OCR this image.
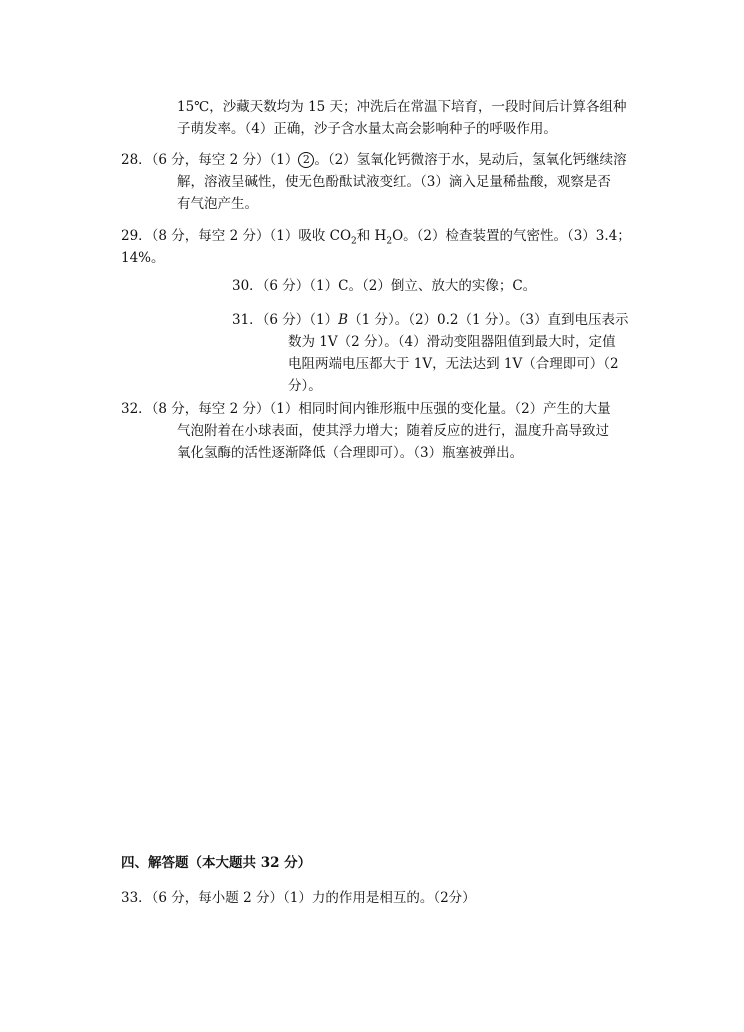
15℃，沙藏天数均为 15 天；冲洗后在常温下培育，一段时间后计算各组种
子萌发率。（4）正确，沙子含水量太高会影响种子的呼吸作用。
28．（6 分，每空 2 分）（1） 2 。（2）氢氧化钙微溶于水，晃动后，氢氧化钙继续溶
解，溶液呈碱性，使无色酚酞试液变红。（3）滴入足量稀盐酸，观察是否
有气泡产生。
29．（8 分，每空 2 分）（1）吸收 $CO_2$和 $H_2O$。（2）检查装置的气密性。（3）3.4；
14%。
30．（6 分）（1）C。（2）倒立、放大的实像；C。
31．（6 分）（1）B（1 分）。（2）0.2（1 分）。（3）直到电压表示
数为 1V（2 分）。（4）滑动变阻器阻值到最大时，定值
电阻两端电压都大于 1V，无法达到 1V（合理即可）（2
分）。
32．（8 分，每空 2 分）（1）相同时间内锥形瓶中压强的变化量。（2）产生的大量
气泡附着在小球表面，使其浮力增大；随着反应的进行，温度升高导致过
氧化氢酶的活性逐渐降低（合理即可）。（3）瓶塞被弹出。
四、解答题（本大题共 32 分）
33．（6 分，每小题 2 分）（1）力的作用是相互的。（2分）
